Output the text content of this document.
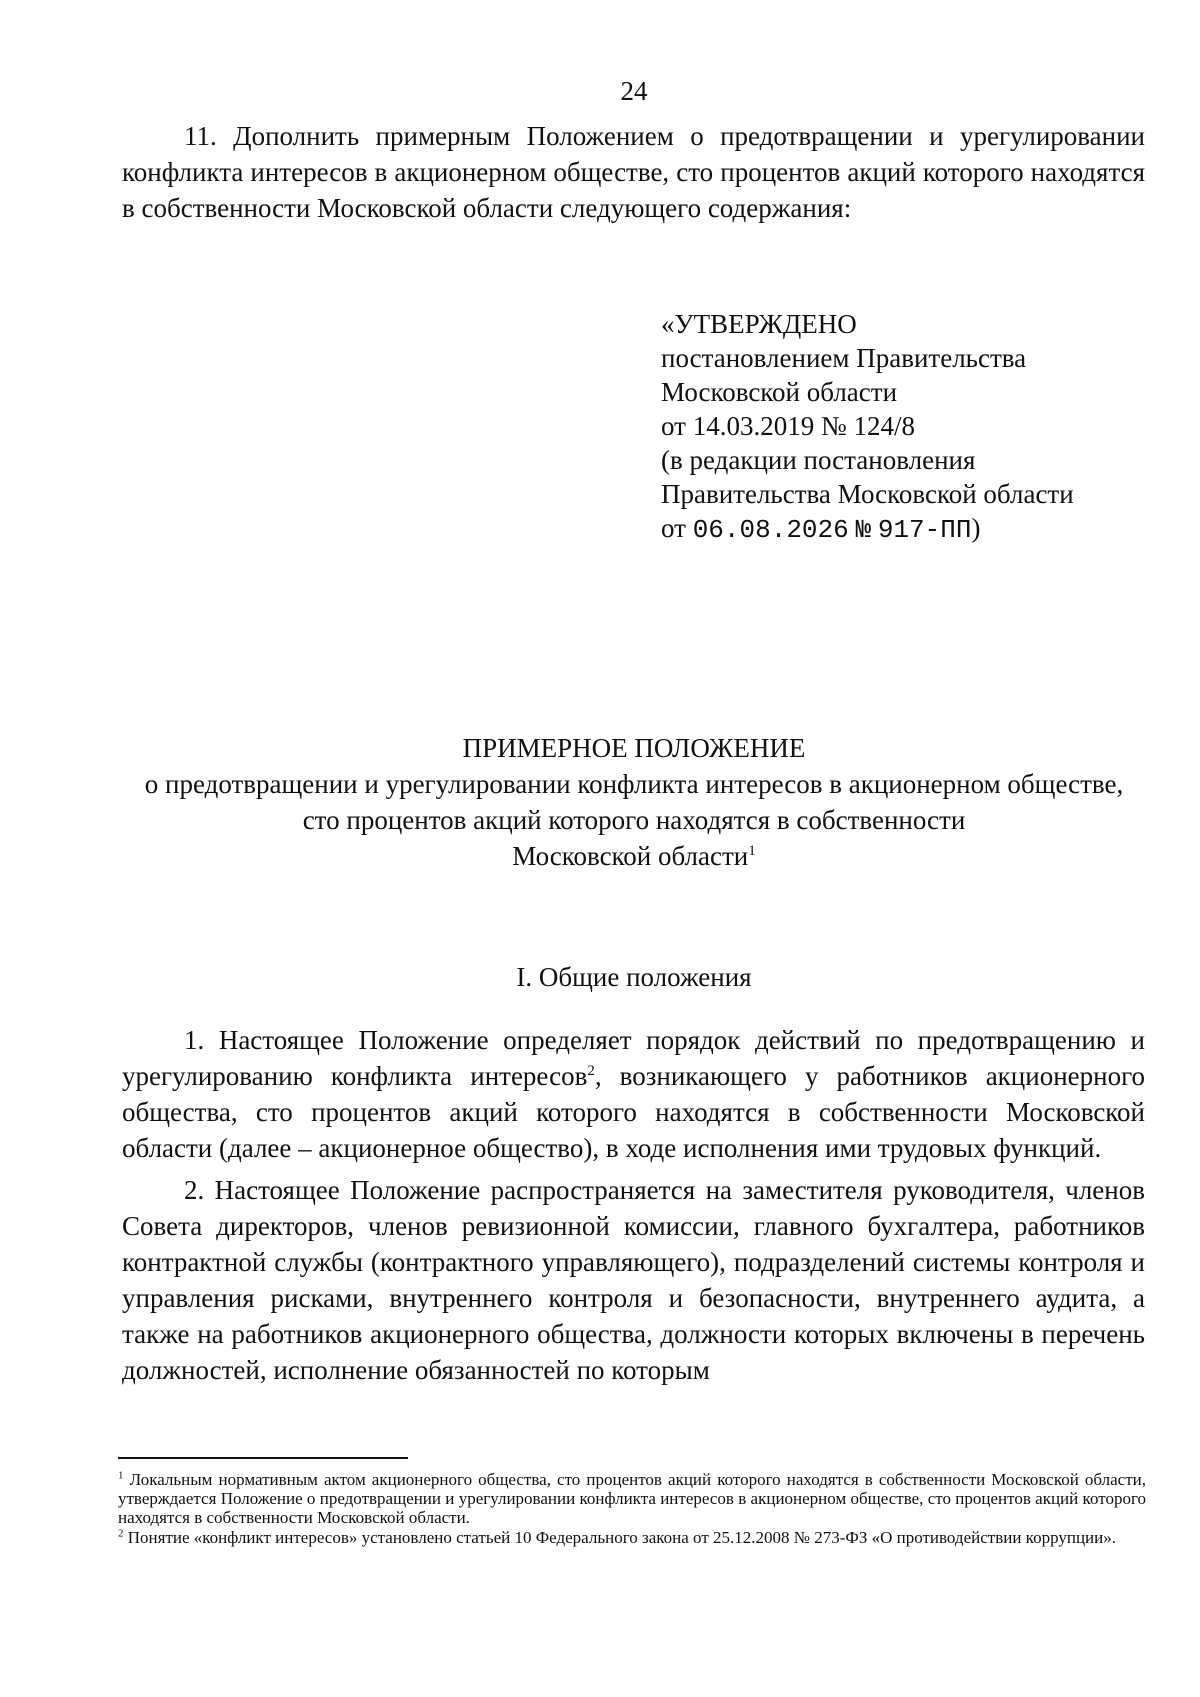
24

11. Дополнить примерным Положением о предотвращении и урегулировании конфликта интересов в акционерном обществе, сто процентов акций которого находятся в собственности Московской области следующего содержания:

«УТВЕРЖДЕНО
постановлением Правительства
Московской области
от 14.03.2019 № 124/8
(в редакции постановления
Правительства Московской области
от 06.08.2026 № 917-ПП)
ПРИМЕРНОЕ ПОЛОЖЕНИЕ
о предотвращении и урегулировании конфликта интересов в акционерном обществе,
сто процентов акций которого находятся в собственности
Московской области$^1$
I. Общие положения

1. Настоящее Положение определяет порядок действий по предотвращению и урегулированию конфликта интересов$^2$, возникающего у работников акционерного общества, сто процентов акций которого находятся в собственности Московской области (далее – акционерное общество), в ходе исполнения ими трудовых функций.

2. Настоящее Положение распространяется на заместителя руководителя, членов Совета директоров, членов ревизионной комиссии, главного бухгалтера, работников контрактной службы (контрактного управляющего), подразделений системы контроля и управления рисками, внутреннего контроля и безопасности, внутреннего аудита, а также на работников акционерного общества, должности которых включены в перечень должностей, исполнение обязанностей по которым

$^1$ Локальным нормативным актом акционерного общества, сто процентов акций которого находятся в собственности Московской области, утверждается Положение о предотвращении и урегулировании конфликта интересов в акционерном обществе, сто процентов акций которого находятся в собственности Московской области.

$^2$ Понятие «конфликт интересов» установлено статьей 10 Федерального закона от 25.12.2008 № 273-ФЗ «О противодействии коррупции».
